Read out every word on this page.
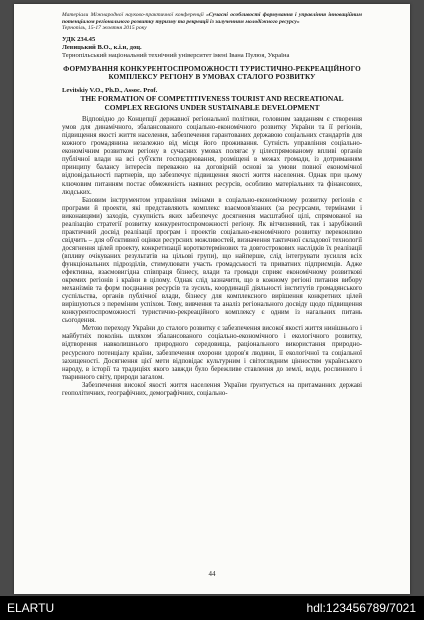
Матеріали Міжнародної науково-практичної конференції «Сучасні особливості формування і управління інноваційним потенціалом регіонального розвитку туризму та рекреації із залученням молодіжного ресурсу»
Тернопіль, 15-17 жовтня 2015 року
УДК 234.45
Левицький В.О., к.і.н, доц.
Тернопільський національний технічний університет імені Івана Пулюя, Україна
ФОРМУВАННЯ КОНКУРЕНТОСПРОМОЖНОСТІ ТУРИСТИЧНО-РЕКРЕАЦІЙНОГО КОМПЛЕКСУ РЕГІОНУ В УМОВАХ СТАЛОГО РОЗВИТКУ
Levitskiy V.O., Ph.D., Assoc. Prof.
THE FORMATION OF COMPETITIVENESS TOURIST AND RECREATIONAL COMPLEX REGIONS UNDER SUSTAINABLE DEVELOPMENT

Відповідно до Концепції державної регіональної політики, головним завданням є створення умов для динамічного, збалансованого соціально-економічного розвитку України та її регіонів, підвищення якості життя населення, забезпечення гарантованих державою соціальних стандартів для кожного громадянина незалежно від місця його проживання. Сутність управління соціально-економічним розвитком регіону в сучасних умовах полягає у цілеспрямованому впливі органів публічної влади на всі суб'єкти господарювання, розміщені в межах громади, із дотриманням принципу балансу інтересів переважно на договірній основі за умови повної економічної відповідальності партнерів, що забезпечує підвищення якості життя населення. Однак при цьому ключовим питанням постає обмеженість наявних ресурсів, особливо матеріальних та фінансових, людських.

Базовим інструментом управління змінами в соціально-економічному розвитку регіонів є програми й проекти, які представляють комплекс взаємоов'язаних (за ресурсами, термінами і виконавцями) заходів, сукупність яких забезпечує досягнення масштабної цілі, спрямованої на реалізацію стратегії розвитку конкурентоспроможності регіону. Як вітчизняний, так і зарубіжний практичний досвід реалізації програм і проектів соціально-економічного розвитку переконливо свідчить – для об'єктивної оцінки ресурсних можливостей, визначення тактичної складової технології досягнення цілей проекту, конкретизації короткотермінових та довгострокових наслідків їх реалізації (впливу очікуваних результатів на цільові групи), що найперше, слід інтегрувати зусилля всіх функціональних підрозділів, стимулювати участь громадськості та приватних підприємців. Адже ефективна, взаємовигідна співпраця бізнесу, влади та громади сприяє економічному розвиткові окремих регіонів і країни в цілому. Однак слід зазначити, що в кожному регіоні питання вибору механізмів та форм поєднання ресурсів та зусиль, координації діяльності інститутів громадянського суспільства, органів публічної влади, бізнесу для комплексного вирішення конкретних цілей вирішуються з переміним успіхом. Тому, вивчення та аналіз регіонального досвіду щодо підвищення конкурентоспроможності туристично-рекреаційного комплексу є одним із нагальних питань сьогодення.

Метою переходу України до сталого розвитку є забезпечення високої якості життя нинішнього і майбутніх поколінь шляхом збалансованого соціально-економічного і екологічного розвитку, відтворення навколишнього природного середовища, раціонального використання природно-ресурсного потенціалу країни, забезпечення охорони здоров'я людини, її екологічної та соціальної захищеності. Досягнення цієї мети відповідає культурним і світоглядним цінностям українського народу, в історії та традиціях якого завжди було бережливе ставлення до землі, води, рослинного і тваринного світу, природи загалом.

Забезпечення високої якості життя населення України ґрунтується на притаманних державі геополітичних, географічних, демографічних, соціально-

44
ELARTU	hdl:123456789/7021
